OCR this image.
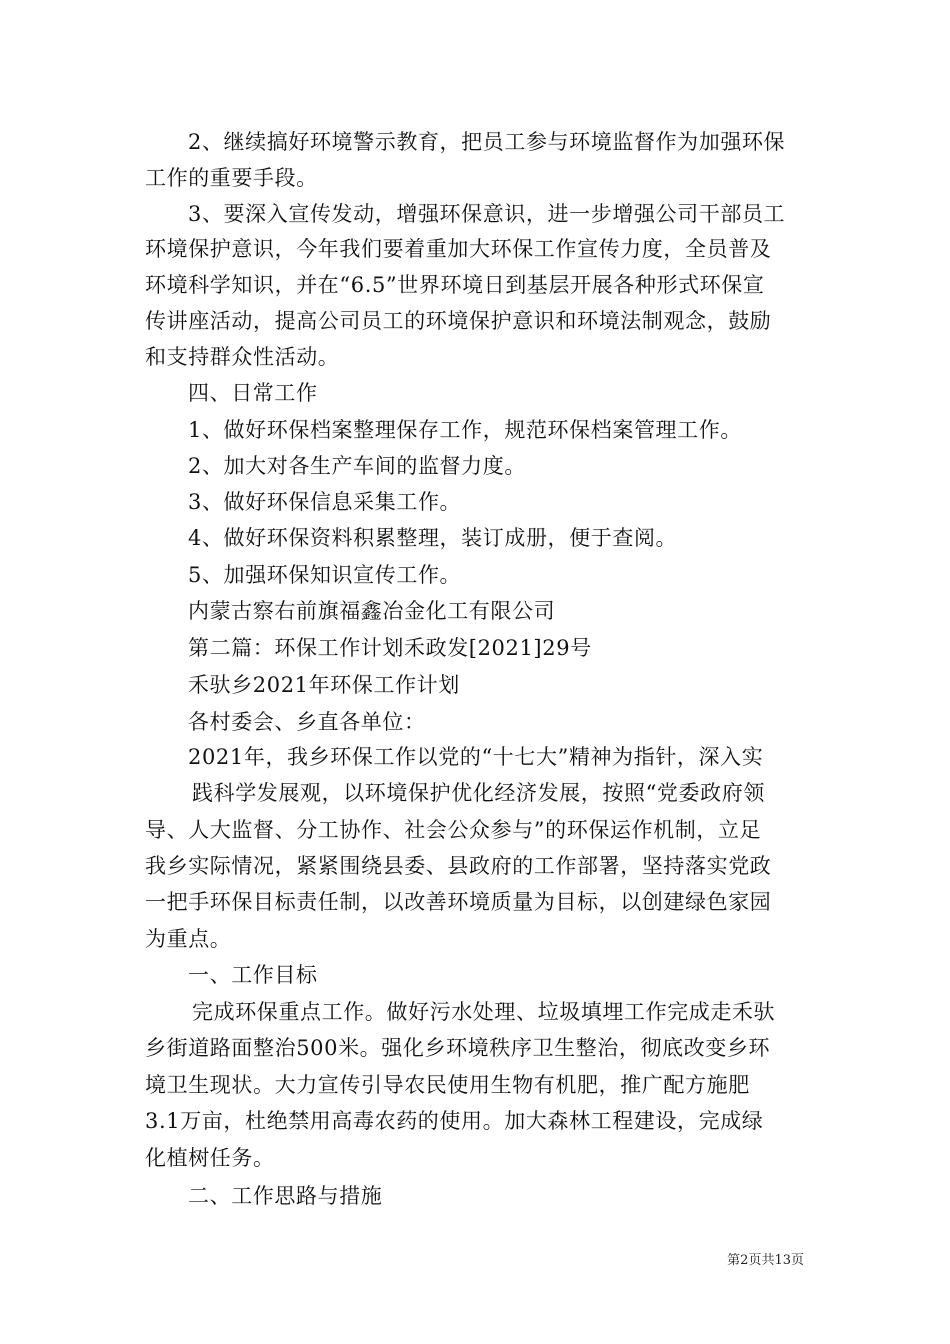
2、继续搞好环境警示教育，把员工参与环境监督作为加强环保
工作的重要手段。
3、要深入宣传发动，增强环保意识，进一步增强公司干部员工
环境保护意识，今年我们要着重加大环保工作宣传力度，全员普及
环境科学知识，并在“6.5”世界环境日到基层开展各种形式环保宣
传讲座活动，提高公司员工的环境保护意识和环境法制观念，鼓励
和支持群众性活动。
四、日常工作
1、做好环保档案整理保存工作，规范环保档案管理工作。
2、加大对各生产车间的监督力度。
3、做好环保信息采集工作。
4、做好环保资料积累整理，装订成册，便于查阅。
5、加强环保知识宣传工作。
内蒙古察右前旗福鑫冶金化工有限公司
第二篇：环保工作计划禾政发[2021]29号
禾驮乡2021年环保工作计划
各村委会、乡直各单位：
2021年，我乡环保工作以党的“十七大”精神为指针，深入实
践科学发展观，以环境保护优化经济发展，按照“党委政府领
导、人大监督、分工协作、社会公众参与”的环保运作机制，立足
我乡实际情况，紧紧围绕县委、县政府的工作部署，坚持落实党政
一把手环保目标责任制，以改善环境质量为目标，以创建绿色家园
为重点。
一、工作目标
完成环保重点工作。做好污水处理、垃圾填埋工作完成走禾驮
乡街道路面整治500米。强化乡环境秩序卫生整治，彻底改变乡环
境卫生现状。大力宣传引导农民使用生物有机肥，推广配方施肥
3.1万亩，杜绝禁用高毒农药的使用。加大森林工程建设，完成绿
化植树任务。
二、工作思路与措施
第2页共13页
